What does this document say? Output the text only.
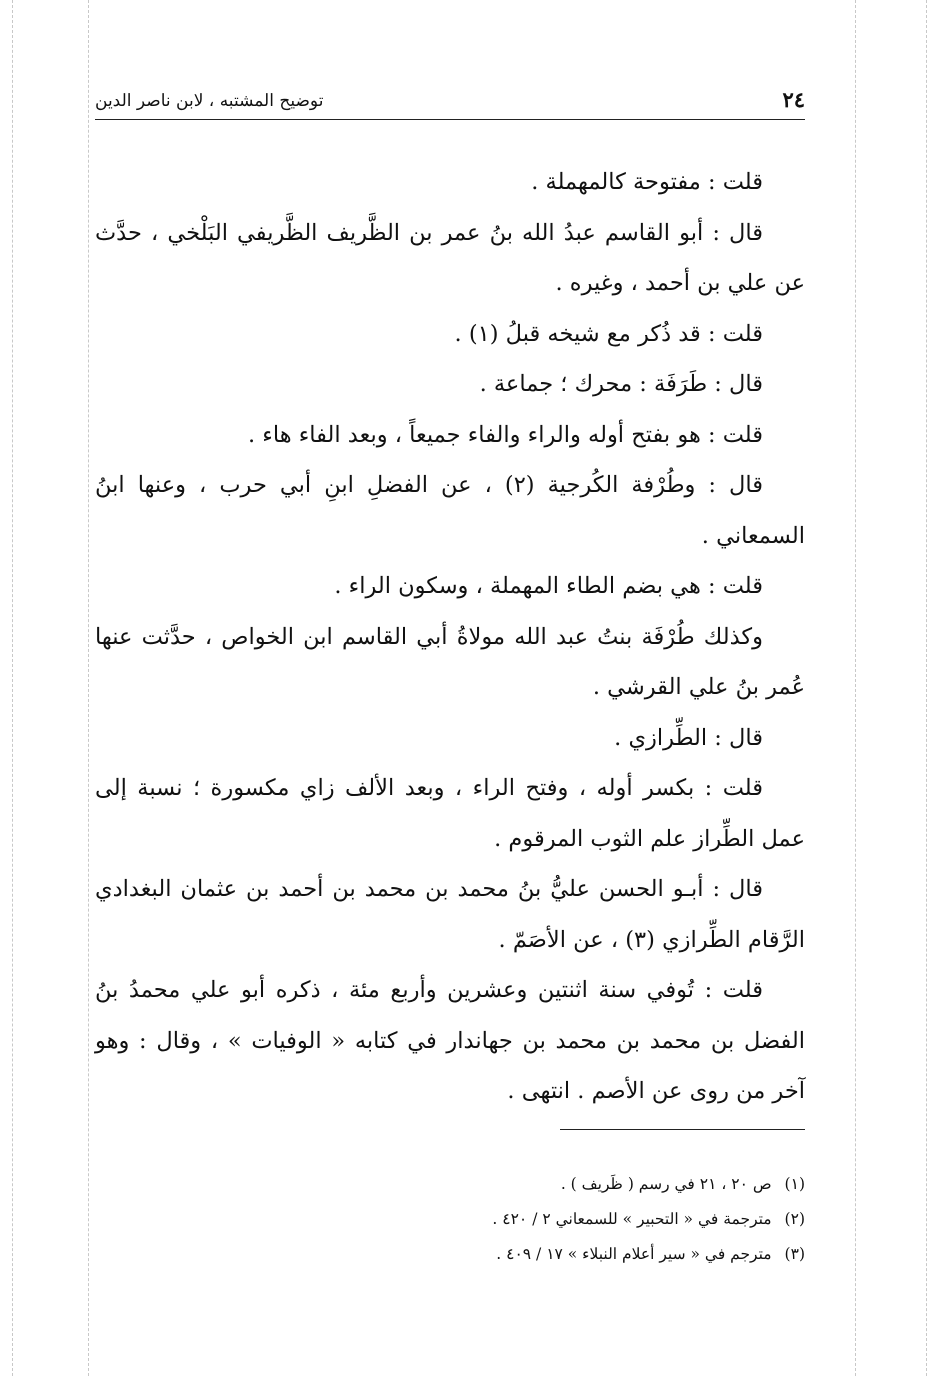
٢٤
توضيح المشتبه ، لابن ناصر الدين

قلت : مفتوحة كالمهملة .

قال : أبو القاسم عبدُ الله بنُ عمر بن الظَّريف الظَّريفي البَلْخي ، حدَّث عن علي بن أحمد ، وغيره .

قلت : قد ذُكر مع شيخه قبلُ (١) .

قال : طَرَفَة : محرك ؛ جماعة .

قلت : هو بفتح أوله والراء والفاء جميعاً ، وبعد الفاء هاء .

قال : وطُرْفة الكُرجية (٢) ، عن الفضلِ ابنِ أبي حرب ، وعنها ابنُ السمعاني .

قلت : هي بضم الطاء المهملة ، وسكون الراء .

وكذلك طُرْفَة بنتُ عبد الله مولاةُ أبي القاسم ابن الخواص ، حدَّثت عنها عُمر بنُ علي القرشي .

قال : الطِّرازي .

قلت : بكسر أوله ، وفتح الراء ، وبعد الألف زاي مكسورة ؛ نسبة إلى عمل الطِّراز علم الثوب المرقوم .

قال : أبـو الحسن عليُّ بنُ محمد بن محمد بن أحمد بن عثمان البغدادي الرَّقام الطِّرازي (٣) ، عن الأصَمّ .

قلت : تُوفي سنة اثنتين وعشرين وأربع مئة ، ذكره أبو علي محمدُ بنُ الفضل بن محمد بن محمد بن جهاندار في كتابه « الوفيات » ، وقال : وهو آخر من روى عن الأصم . انتهى .

(١) ص ٢٠ ، ٢١ في رسم ( ظَريف ) .
(٢) مترجمة في « التحبير » للسمعاني ٢ / ٤٢٠ .
(٣) مترجم في « سير أعلام النبلاء » ١٧ / ٤٠٩ .
